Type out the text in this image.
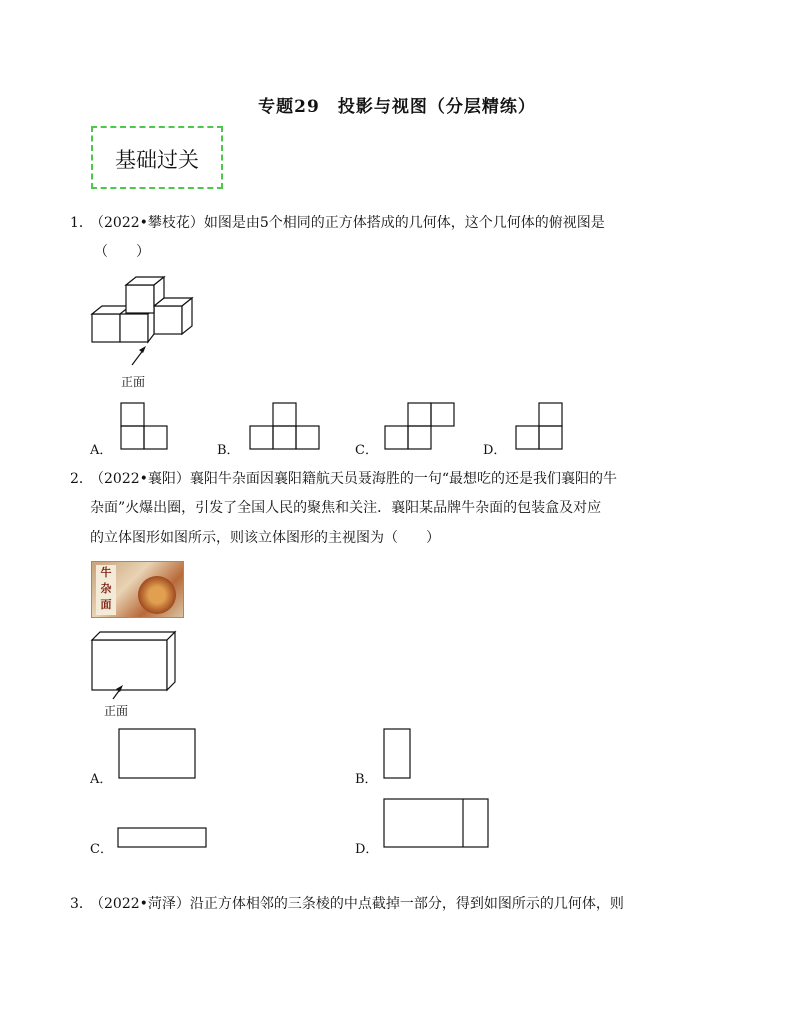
专题29　投影与视图（分层精练）
基础过关
1．
（2022•攀枝花）如图是由5个相同的正方体搭成的几何体，这个几何体的俯视图是
（　　）
正面
A．	B．	C．	D．
2．
（2022•襄阳）襄阳牛杂面因襄阳籍航天员聂海胜的一句“最想吃的还是我们襄阳的牛
杂面”火爆出圈，引发了全国人民的聚焦和关注．襄阳某品牌牛杂面的包装盒及对应
的立体图形如图所示，则该立体图形的主视图为（　　）
牛杂面
正面
A．	B．
C．	D．
3．
（2022•菏泽）沿正方体相邻的三条棱的中点截掉一部分，得到如图所示的几何体，则
